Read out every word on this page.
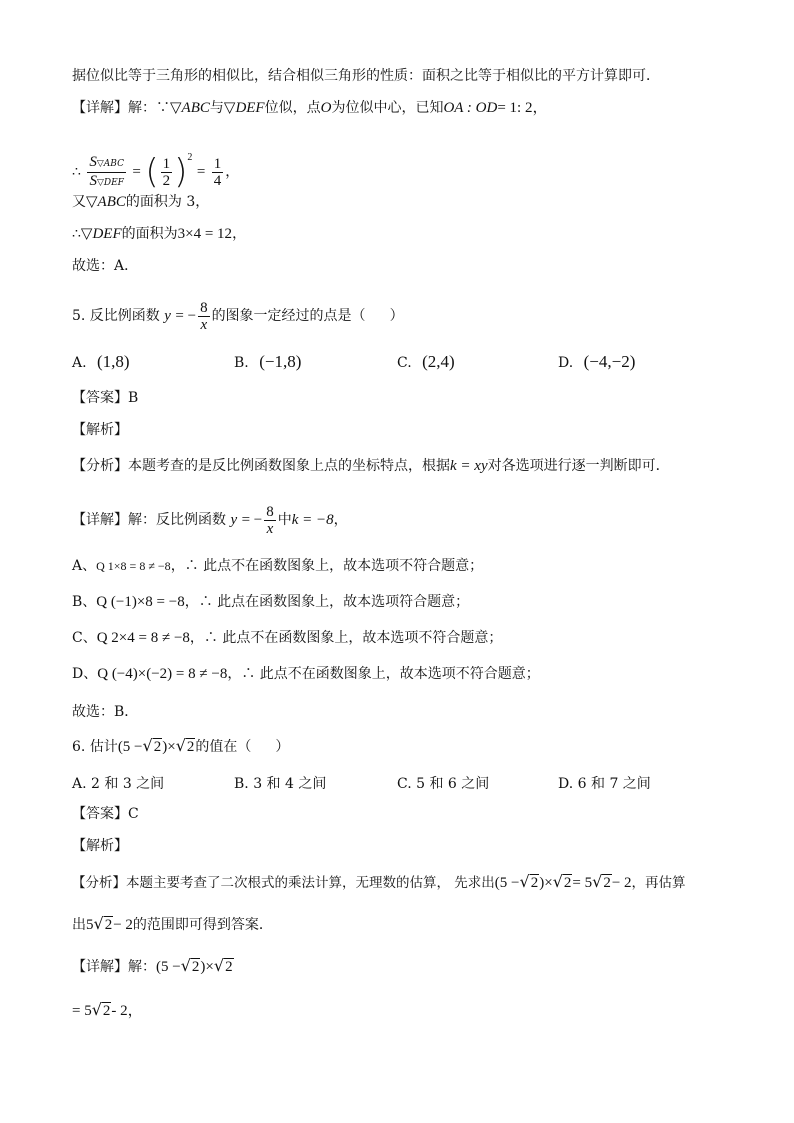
据位似比等于三角形的相似比，结合相似三角形的性质：面积之比等于相似比的平方计算即可．
【详解】解：∵▽ABC与▽DEF位似，点O为位似中心，已知OA : OD= 1: 2，
∴ $\frac{\text{S▽ABC}}{\text{S▽DEF}}$ = ( $\frac{1}{2} )^2 = \frac{1}{4}$ ，
又▽ABC的面积为 3，
∴▽DEF的面积为3×4 = 12，
故选：A．
5. 反比例函数 y = − $\frac{8}{x}$ 的图象一定经过的点是（ ）
A. (1,8)	B. (−1,8)	C. (2,4)	D. (−4,−2)
【答案】B
【解析】
【分析】本题考查的是反比例函数图象上点的坐标特点，根据k = xy对各选项进行逐一判断即可．
【详解】解：反比例函数 y = − $\frac{8}{x}$ 中k = −8，
A、Q 1×8 = 8 ≠ −8，∴ 此点不在函数图象上，故本选项不符合题意；
B、Q (−1)×8 = −8，∴ 此点在函数图象上，故本选项符合题意；
C、Q 2×4 = 8 ≠ −8，∴ 此点不在函数图象上，故本选项不符合题意；
D、Q (−4)×(−2) = 8 ≠ −8，∴ 此点不在函数图象上，故本选项不符合题意；
故选：B．
6. 估计(5 −√2)×√2的值在（ ）
A. 2 和 3 之间	B. 3 和 4 之间	C. 5 和 6 之间	D. 6 和 7 之间
【答案】C
【解析】
【分析】本题主要考查了二次根式的乘法计算，无理数的估算， 先求出(5 −√2)×√2= 5√2− 2，再估算
出5√2− 2的范围即可得到答案．
【详解】解：(5 −√2)×√2
= 5√2- 2，
